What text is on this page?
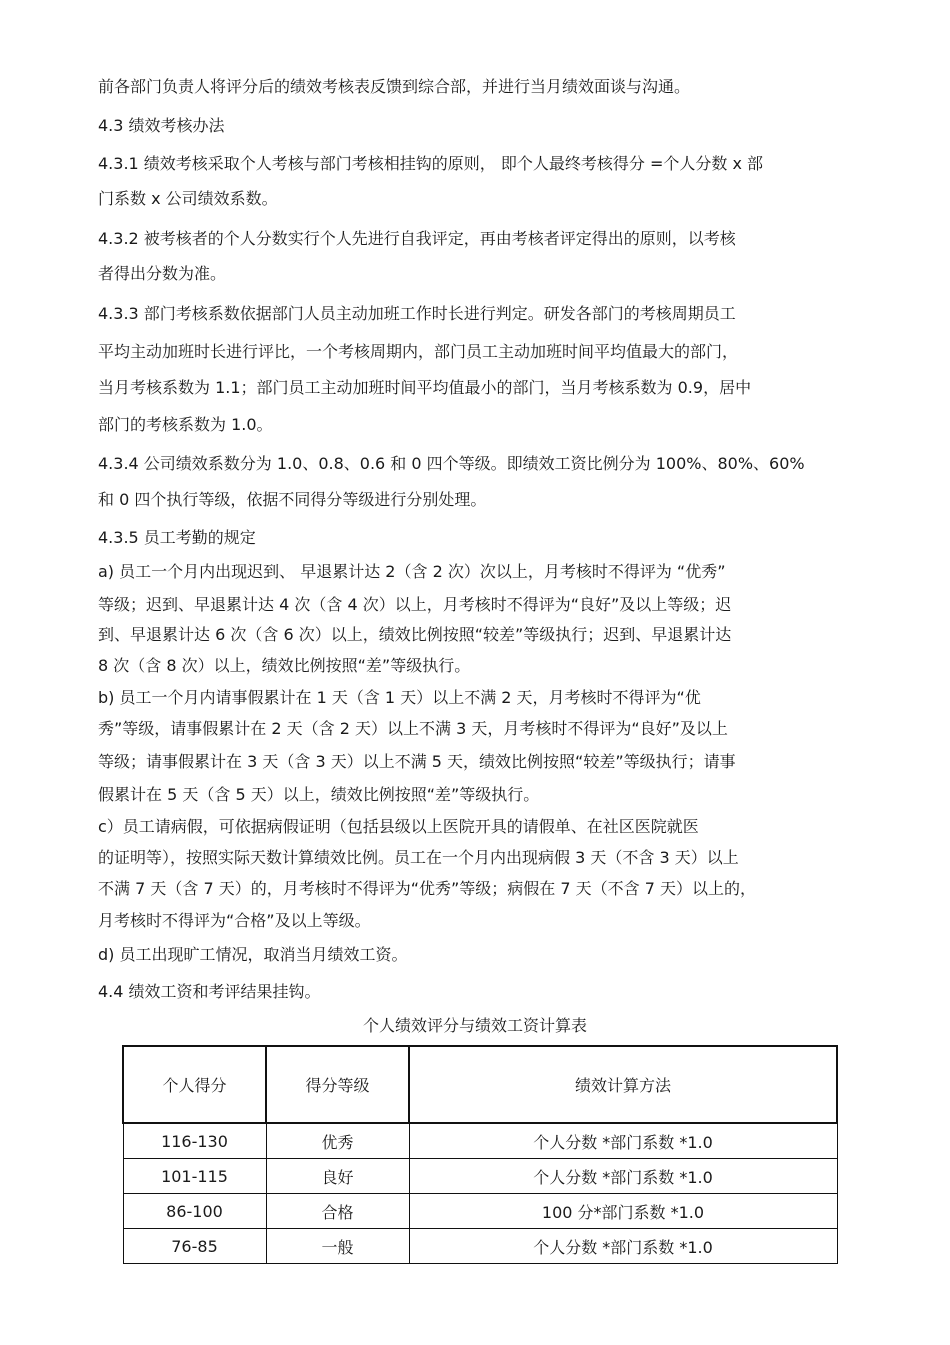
前各部门负责人将评分后的绩效考核表反馈到综合部，并进行当月绩效面谈与沟通。
4.3 绩效考核办法
4.3.1 绩效考核采取个人考核与部门考核相挂钩的原则， 即个人最终考核得分 =个人分数 x 部
门系数 x 公司绩效系数。
4.3.2 被考核者的个人分数实行个人先进行自我评定，再由考核者评定得出的原则，以考核
者得出分数为准。
4.3.3 部门考核系数依据部门人员主动加班工作时长进行判定。研发各部门的考核周期员工
平均主动加班时长进行评比，一个考核周期内，部门员工主动加班时间平均值最大的部门，
当月考核系数为 1.1；部门员工主动加班时间平均值最小的部门，当月考核系数为 0.9，居中
部门的考核系数为 1.0。
4.3.4 公司绩效系数分为 1.0、0.8、0.6 和 0 四个等级。即绩效工资比例分为 100%、80%、60%
和 0 四个执行等级，依据不同得分等级进行分别处理。
4.3.5 员工考勤的规定
a) 员工一个月内出现迟到、 早退累计达 2（含 2 次）次以上，月考核时不得评为 “优秀”
等级；迟到、早退累计达 4 次（含 4 次）以上，月考核时不得评为“良好”及以上等级；迟
到、早退累计达 6 次（含 6 次）以上，绩效比例按照“较差”等级执行；迟到、早退累计达
8 次（含 8 次）以上，绩效比例按照“差”等级执行。
b) 员工一个月内请事假累计在 1 天（含 1 天）以上不满 2 天，月考核时不得评为“优
秀”等级，请事假累计在 2 天（含 2 天）以上不满 3 天，月考核时不得评为“良好”及以上
等级；请事假累计在 3 天（含 3 天）以上不满 5 天，绩效比例按照“较差”等级执行；请事
假累计在 5 天（含 5 天）以上，绩效比例按照“差”等级执行。
c）员工请病假，可依据病假证明（包括县级以上医院开具的请假单、在社区医院就医
的证明等），按照实际天数计算绩效比例。员工在一个月内出现病假 3 天（不含 3 天）以上
不满 7 天（含 7 天）的，月考核时不得评为“优秀”等级；病假在 7 天（不含 7 天）以上的，
月考核时不得评为“合格”及以上等级。
d) 员工出现旷工情况，取消当月绩效工资。
4.4 绩效工资和考评结果挂钩。
个人绩效评分与绩效工资计算表
个人得分	得分等级	绩效计算方法
116-130	优秀	个人分数 *部门系数 *1.0
101-115	良好	个人分数 *部门系数 *1.0
86-100	合格	100 分*部门系数 *1.0
76-85	一般	个人分数 *部门系数 *1.0
